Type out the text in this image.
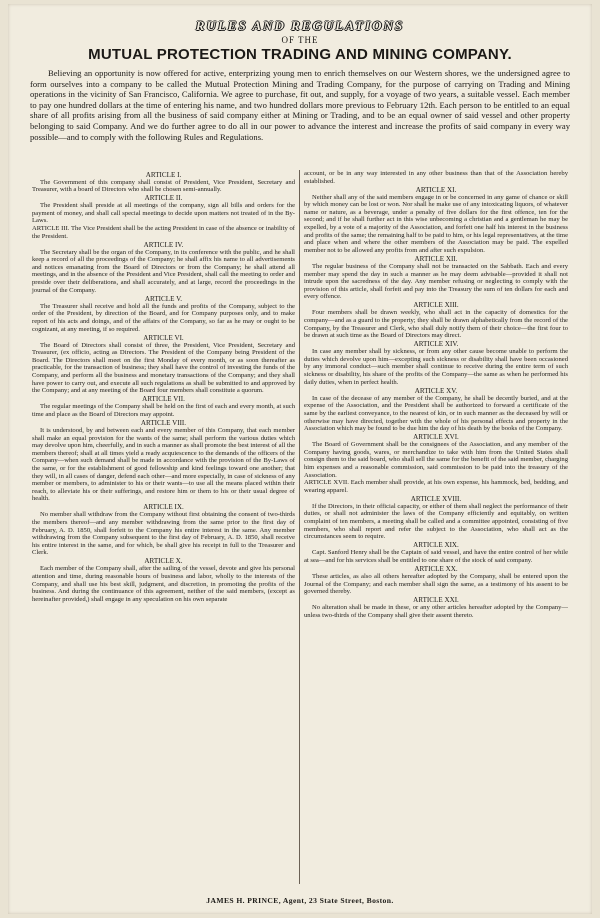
RULES AND REGULATIONS
OF THE
MUTUAL PROTECTION TRADING AND MINING COMPANY.
Believing an opportunity is now offered for active, enterprizing young men to enrich themselves on our Western shores, we the undersigned agree to form ourselves into a company to be called the Mutual Protection Mining and Trading Company, for the purpose of carrying on Trading and Mining operations in the vicinity of San Francisco, California. We agree to purchase, fit out, and supply, for a voyage of two years, a suitable vessel. Each member to pay one hundred dollars at the time of entering his name, and two hundred dollars more previous to February 12th. Each person to be entitled to an equal share of all profits arising from all the business of said company either at Mining or Trading, and to be an equal owner of said vessel and other property belonging to said Company. And we do further agree to do all in our power to advance the interest and increase the profits of said company in every way possible—and to comply with the following Rules and Regulations.
ARTICLE I.
The Government of this company shall consist of President, Vice President, Secretary and Treasurer, with a board of Directors who shall be chosen semi-annually.
ARTICLE II.
The President shall preside at all meetings of the company, sign all bills and orders for the payment of money, and shall call special meetings to decide upon matters not treated of in the By-Laws.
ARTICLE III. The Vice President shall be the acting President in case of the absence or inability of the President.
ARTICLE IV.
The Secretary shall be the organ of the Company, in its conference with the public, and he shall keep a record of all the proceedings of the Company; he shall affix his name to all advertisements and notices emanating from the Board of Directors or from the Company; he shall attend all meetings, and in the absence of the President and Vice President, shall call the meeting to order and preside over their deliberations, and shall accurately, and at large, record the proceedings in the journal of the Company.
ARTICLE V.
The Treasurer shall receive and hold all the funds and profits of the Company, subject to the order of the President, by direction of the Board, and for Company purposes only, and to make report of his acts and doings, and of the affairs of the Company, so far as he may or ought to be cognizant, at any meeting, if so required.
ARTICLE VI.
The Board of Directors shall consist of three, the President, Vice President, Secretary and Treasurer, (ex officio, acting as Directors. The President of the Company being President of the Board. The Directors shall meet on the first Monday of every month, or as soon thereafter as practicable, for the transaction of business; they shall have the control of investing the funds of the Company, and perform all the business and monetary transactions of the Company; and they shall have power to carry out, and execute all such regulations as shall be submitted to and approved by the Company; and at any meeting of the Board four members shall constitute a quorum.
ARTICLE VII.
The regular meetings of the Company shall be held on the first of each and every month, at such time and place as the Board of Directors may appoint.
ARTICLE VIII.
It is understood, by and between each and every member of this Company, that each member shall make an equal provision for the wants of the same; shall perform the various duties which may devolve upon him, cheerfully, and in such a manner as shall promote the best interest of all the members thereof; shall at all times yield a ready acquiescence to the demands of the officers of the Company—when such demand shall be made in accordance with the provision of the By-Laws of the same, or for the establishment of good fellowship and kind feelings toward one another; that they will, in all cases of danger, defend each other—and more especially, in case of sickness of any member or members, to administer to his or their wants—to use all the means placed within their reach, to alleviate his or their sufferings, and restore him or them to his or their usual degree of health.
ARTICLE IX.
No member shall withdraw from the Company without first obtaining the consent of two-thirds the members thereof—and any member withdrawing from the same prior to the first day of February, A. D. 1850, shall forfeit to the Company his entire interest in the same. Any member withdrawing from the Company subsequent to the first day of February, A. D. 1850, shall receive his entire interest in the same, and for which, be shall give his receipt in full to the Treasurer and Clerk.
ARTICLE X.
Each member of the Company shall, after the sailing of the vessel, devote and give his personal attention and time, during reasonable hours of business and labor, wholly to the interests of the Company, and shall use his best skill, judgment, and discretion, in promoting the profits of the business. And during the continuance of this agreement, neither of the said members, (except as hereinafter provided,) shall engage in any speculation on his own separate
account, or be in any way interested in any other business than that of the Association hereby established.
ARTICLE XI.
Neither shall any of the said members engage in or be concerned in any game of chance or skill by which money can be lost or won. Nor shall he make use of any intoxicating liquors, of whatever name or nature, as a beverage, under a penalty of five dollars for the first offence, ten for the second; and if he shall further act in this wise unbecoming a christian and a gentleman he may be expelled, by a vote of a majority of the Association, and forfeit one half his interest in the business and profits of the same; the remaining half to be paid to him, or his legal representatives, at the time and place when and where the other members of the Association may be paid. The expelled member not to be allowed any profits from and after such expulsion.
ARTICLE XII.
The regular business of the Company shall not be transacted on the Sabbath. Each and every member may spend the day in such a manner as he may deem advisable—provided it shall not intrude upon the sacredness of the day. Any member refusing or neglecting to comply with the provision of this article, shall forfeit and pay into the Treasury the sum of ten dollars for each and every offence.
ARTICLE XIII.
Four members shall be drawn weekly, who shall act in the capacity of domestics for the company—and as a guard to the property; they shall be drawn alphabetically from the record of the Company, by the Treasurer and Clerk, who shall duly notify them of their choice—the first four to be drawn at such time as the Board of Directors may direct.
ARTICLE XIV.
In case any member shall by sickness, or from any other cause become unable to perform the duties which devolve upon him—excepting such sickness or disability shall have been occasioned by any immoral conduct—such member shall continue to receive during the entire term of such sickness or disability, his share of the profits of the Company—the same as when he performed his daily duties, when in perfect health.
ARTICLE XV.
In case of the decease of any member of the Company, he shall be decently buried, and at the expense of the Association, and the President shall be authorized to forward a certificate of the same by the earliest conveyance, to the nearest of kin, or in such manner as the deceased by will or otherwise may have directed, together with the whole of his personal effects and property in the Association which may be found to be due him the day of his death by the books of the Company.
ARTICLE XVI.
The Board of Government shall be the consignees of the Association, and any member of the Company having goods, wares, or merchandize to take with him from the United States shall consign them to the said board, who shall sell the same for the benefit of the said member, charging him expenses and a reasonable commission, said commission to be paid into the treasury of the Association.
ARTICLE XVII. Each member shall provide, at his own expense, his hammock, bed, bedding, and wearing apparel.
ARTICLE XVIII.
If the Directors, in their official capacity, or either of them shall neglect the performance of their duties, or shall not administer the laws of the Company efficiently and equitably, on written complaint of ten members, a meeting shall be called and a committee appointed, consisting of five members, who shall report and refer the subject to the Association, who shall act as the circumstances seem to require.
ARTICLE XIX.
Capt. Sanford Henry shall be the Captain of said vessel, and have the entire control of her while at sea—and for his services shall be entitled to one share of the stock of said company.
ARTICLE XX.
These articles, as also all others hereafter adopted by the Company, shall be entered upon the Journal of the Company; and each member shall sign the same, as a testimony of his assent to be governed thereby.
ARTICLE XXI.
No alteration shall be made in these, or any other articles hereafter adopted by the Company—unless two-thirds of the Company shall give their assent thereto.
JAMES H. PRINCE, Agent, 23 State Street, Boston.
